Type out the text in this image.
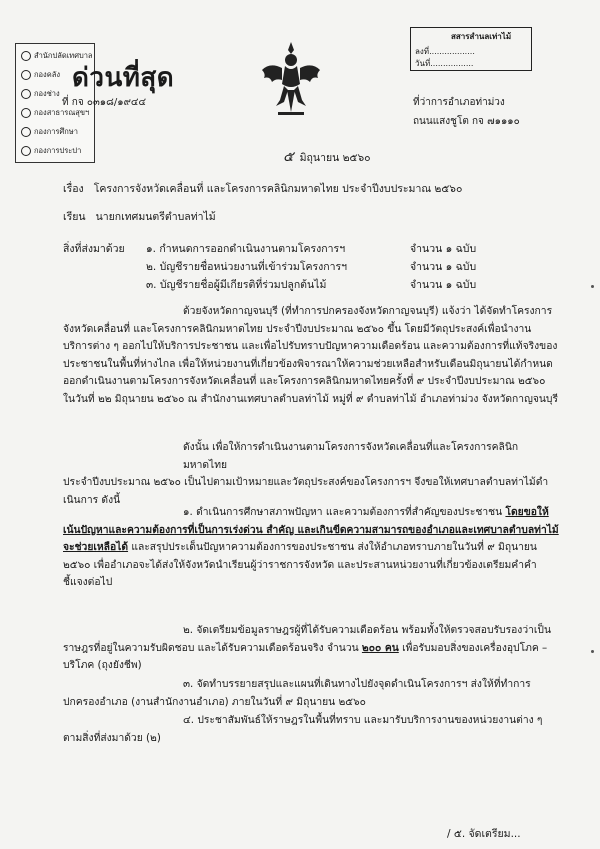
สำนักปลัดเทศบาล
กองคลัง
กองช่าง
กองสาธารณสุขฯ
กองการศึกษา
กองการประปา
ด่วนที่สุด
ที่ กจ ๐๓๑๘/๑๙๔๔
สสารสำนลเท่าไม้
ลงที่..................
วันที่.................
ที่ว่าการอำเภอท่าม่วง
ถนนแสงชูโต กจ ๗๑๑๑๐
๕ มิถุนายน ๒๕๖๐
เรื่อง โครงการจังหวัดเคลื่อนที่ และโครงการคลินิกมหาดไทย ประจำปีงบประมาณ ๒๕๖๐
เรียน นายกเทศมนตรีตำบลท่าไม้
สิ่งที่ส่งมาด้วย ๑. กำหนดการออกดำเนินงานตามโครงการฯ	จำนวน ๑ ฉบับ
๒. บัญชีรายชื่อหน่วยงานที่เข้าร่วมโครงการฯ	จำนวน ๑ ฉบับ
๓. บัญชีรายชื่อผู้มีเกียรติที่ร่วมปลูกต้นไม้	จำนวน ๑ ฉบับ
ด้วยจังหวัดกาญจนบุรี (ที่ทำการปกครองจังหวัดกาญจนบุรี) แจ้งว่า ได้จัดทำโครงการ
จังหวัดเคลื่อนที่ และโครงการคลินิกมหาดไทย ประจำปีงบประมาณ ๒๕๖๐ ขึ้น โดยมีวัตถุประสงค์เพื่อนำงานบริการต่าง ๆ ออกไปให้บริการประชาชน และเพื่อไปรับทราบปัญหาความเดือดร้อน และความต้องการที่แท้จริงของประชาชนในพื้นที่ห่างไกล เพื่อให้หน่วยงานที่เกี่ยวข้องพิจารณาให้ความช่วยเหลือสำหรับเดือนมิถุนายนได้กำหนดออกดำเนินงานตามโครงการจังหวัดเคลื่อนที่ และโครงการคลินิกมหาดไทยครั้งที่ ๙ ประจำปีงบประมาณ ๒๕๖๐ ในวันที่ ๒๒ มิถุนายน ๒๕๖๐ ณ สำนักงานเทศบาลตำบลท่าไม้ หมู่ที่ ๙ ตำบลท่าไม้ อำเภอท่าม่วง จังหวัดกาญจนบุรี
ดังนั้น เพื่อให้การดำเนินงานตามโครงการจังหวัดเคลื่อนที่และโครงการคลินิกมหาดไทย
ประจำปีงบประมาณ ๒๕๖๐ เป็นไปตามเป้าหมายและวัตถุประสงค์ของโครงการฯ จึงขอให้เทศบาลตำบลท่าไม้ดำเนินการ ดังนี้
๑. ดำเนินการศึกษาสภาพปัญหา และความต้องการที่สำคัญของประชาชน โดยขอให้เน้นปัญหาและความต้องการที่เป็นการเร่งด่วน สำคัญ และเกินขีดความสามารถของอำเภอและเทศบาลตำบลท่าไม้จะช่วยเหลือได้ และสรุปประเด็นปัญหาความต้องการของประชาชน ส่งให้อำเภอทราบภายในวันที่ ๙ มิถุนายน ๒๕๖๐ เพื่ออำเภอจะได้ส่งให้จังหวัดนำเรียนผู้ว่าราชการจังหวัด และประสานหน่วยงานที่เกี่ยวข้องเตรียมคำคำชี้แจงต่อไป
๒. จัดเตรียมข้อมูลราษฎรผู้ที่ได้รับความเดือดร้อน พร้อมทั้งให้ตรวจสอบรับรองว่าเป็นราษฎรที่อยู่ในความรับผิดชอบ และได้รับความเดือดร้อนจริง จำนวน ๒๐๐ คน เพื่อรับมอบสิ่งของเครื่องอุปโภค – บริโภค (ถุงยังชีพ)
๓. จัดทำบรรยายสรุปและแผนที่เดินทางไปยังจุดดำเนินโครงการฯ ส่งให้ที่ทำการปกครองอำเภอ (งานสำนักงานอำเภอ) ภายในวันที่ ๙ มิถุนายน ๒๕๖๐
๔. ประชาสัมพันธ์ให้ราษฎรในพื้นที่ทราบ และมารับบริการงานของหน่วยงานต่าง ๆ ตามสิ่งที่ส่งมาด้วย (๒)
/ ๕. จัดเตรียม...
